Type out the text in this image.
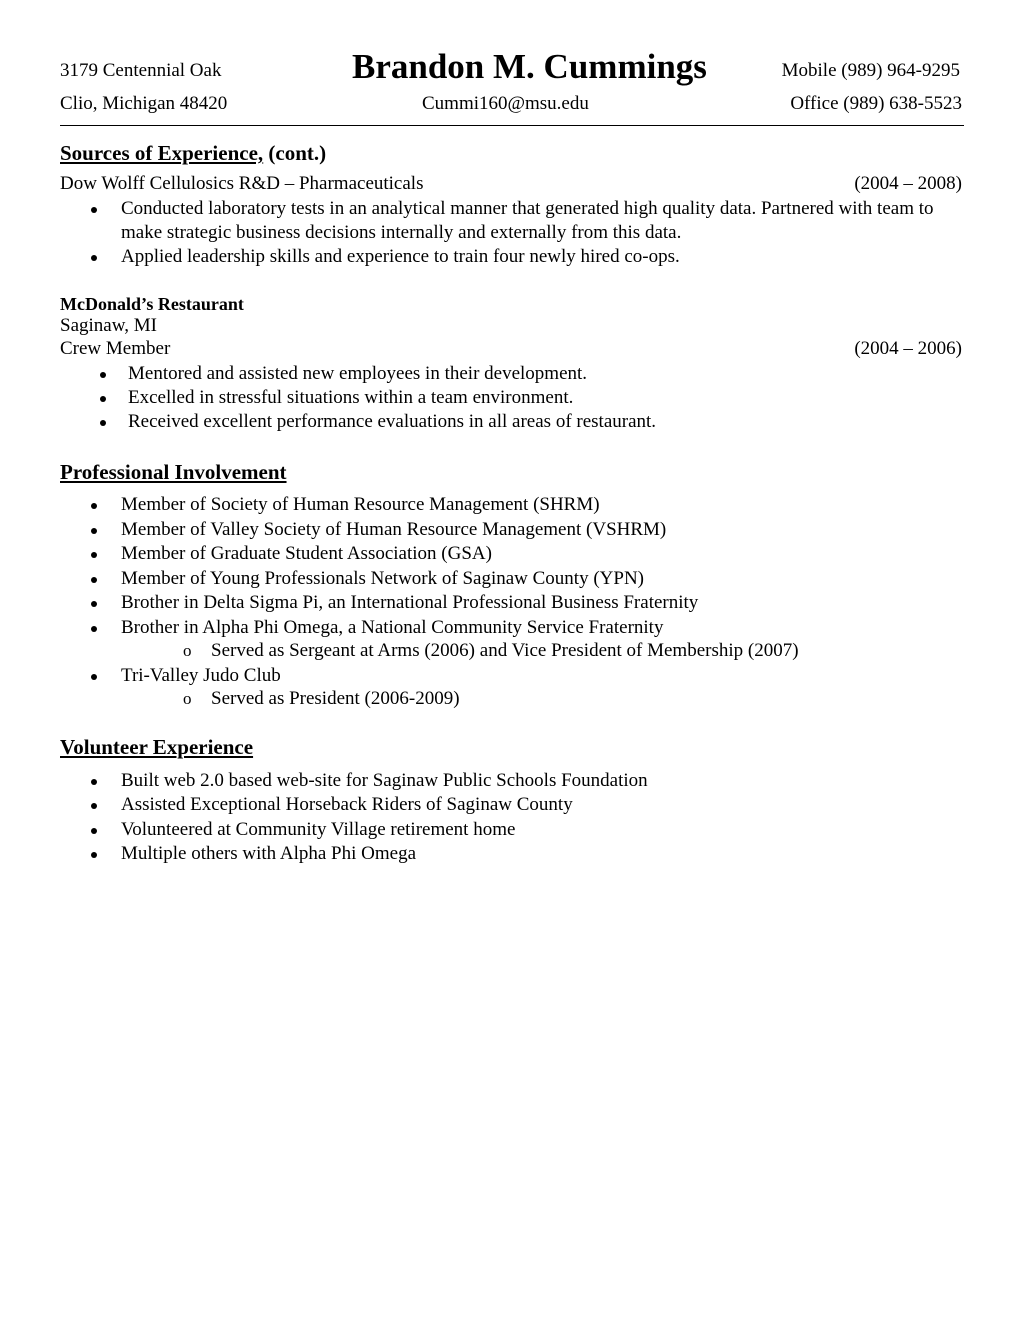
3179 Centennial Oak
Clio, Michigan 48420
Brandon M. Cummings
Cummi160@msu.edu
Mobile (989) 964-9295
Office (989) 638-5523
Sources of Experience, (cont.)
Dow Wolff Cellulosics R&D – Pharmaceuticals	(2004 – 2008)
Conducted laboratory tests in an analytical manner that generated high quality data. Partnered with team to make strategic business decisions internally and externally from this data.
Applied leadership skills and experience to train four newly hired co-ops.
McDonald’s Restaurant
Saginaw, MI
Crew Member	(2004 – 2006)
Mentored and assisted new employees in their development.
Excelled in stressful situations within a team environment.
Received excellent performance evaluations in all areas of restaurant.
Professional Involvement
Member of Society of Human Resource Management (SHRM)
Member of Valley Society of Human Resource Management (VSHRM)
Member of Graduate Student Association (GSA)
Member of Young Professionals Network of Saginaw County (YPN)
Brother in Delta Sigma Pi, an International Professional Business Fraternity
Brother in Alpha Phi Omega, a National Community Service Fraternity
o Served as Sergeant at Arms (2006) and Vice President of Membership (2007)
Tri-Valley Judo Club
o Served as President (2006-2009)
Volunteer Experience
Built web 2.0 based web-site for Saginaw Public Schools Foundation
Assisted Exceptional Horseback Riders of Saginaw County
Volunteered at Community Village retirement home
Multiple others with Alpha Phi Omega
